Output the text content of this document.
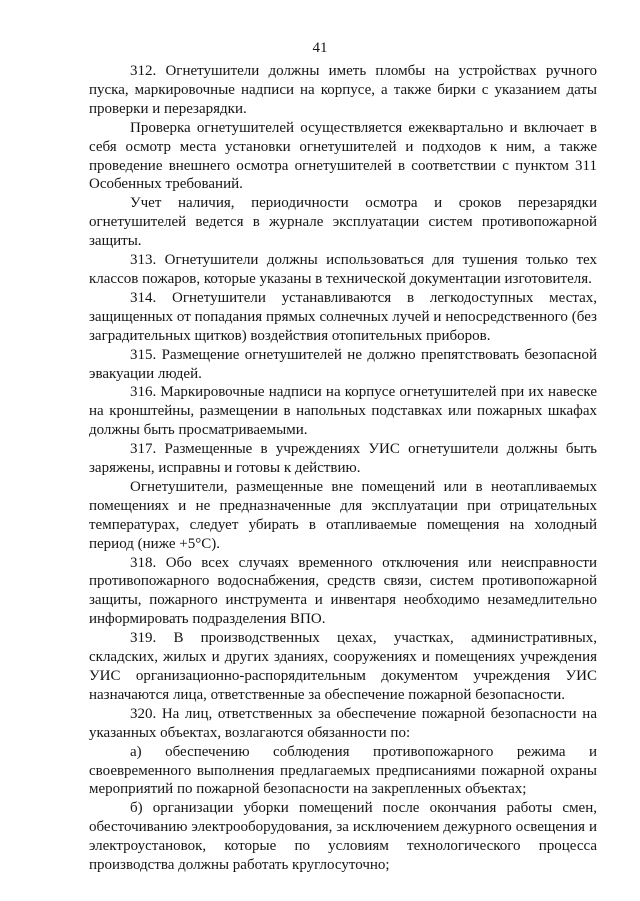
41

312. Огнетушители должны иметь пломбы на устройствах ручного пуска, маркировочные надписи на корпусе, а также бирки с указанием даты проверки и перезарядки.

Проверка огнетушителей осуществляется ежеквартально и включает в себя осмотр места установки огнетушителей и подходов к ним, а также проведение внешнего осмотра огнетушителей в соответствии с пунктом 311 Особенных требований.

Учет наличия, периодичности осмотра и сроков перезарядки огнетушителей ведется в журнале эксплуатации систем противопожарной защиты.

313. Огнетушители должны использоваться для тушения только тех классов пожаров, которые указаны в технической документации изготовителя.

314. Огнетушители устанавливаются в легкодоступных местах, защищенных от попадания прямых солнечных лучей и непосредственного (без заградительных щитков) воздействия отопительных приборов.

315. Размещение огнетушителей не должно препятствовать безопасной эвакуации людей.

316. Маркировочные надписи на корпусе огнетушителей при их навеске на кронштейны, размещении в напольных подставках или пожарных шкафах должны быть просматриваемыми.

317. Размещенные в учреждениях УИС огнетушители должны быть заряжены, исправны и готовы к действию.

Огнетушители, размещенные вне помещений или в неотапливаемых помещениях и не предназначенные для эксплуатации при отрицательных температурах, следует убирать в отапливаемые помещения на холодный период (ниже +5°C).

318. Обо всех случаях временного отключения или неисправности противопожарного водоснабжения, средств связи, систем противопожарной защиты, пожарного инструмента и инвентаря необходимо незамедлительно информировать подразделения ВПО.

319. В производственных цехах, участках, административных, складских, жилых и других зданиях, сооружениях и помещениях учреждения УИС организационно-распорядительным документом учреждения УИС назначаются лица, ответственные за обеспечение пожарной безопасности.

320. На лиц, ответственных за обеспечение пожарной безопасности на указанных объектах, возлагаются обязанности по:

а) обеспечению соблюдения противопожарного режима и своевременного выполнения предлагаемых предписаниями пожарной охраны мероприятий по пожарной безопасности на закрепленных объектах;

б) организации уборки помещений после окончания работы смен, обесточиванию электрооборудования, за исключением дежурного освещения и электроустановок, которые по условиям технологического процесса производства должны работать круглосуточно;
